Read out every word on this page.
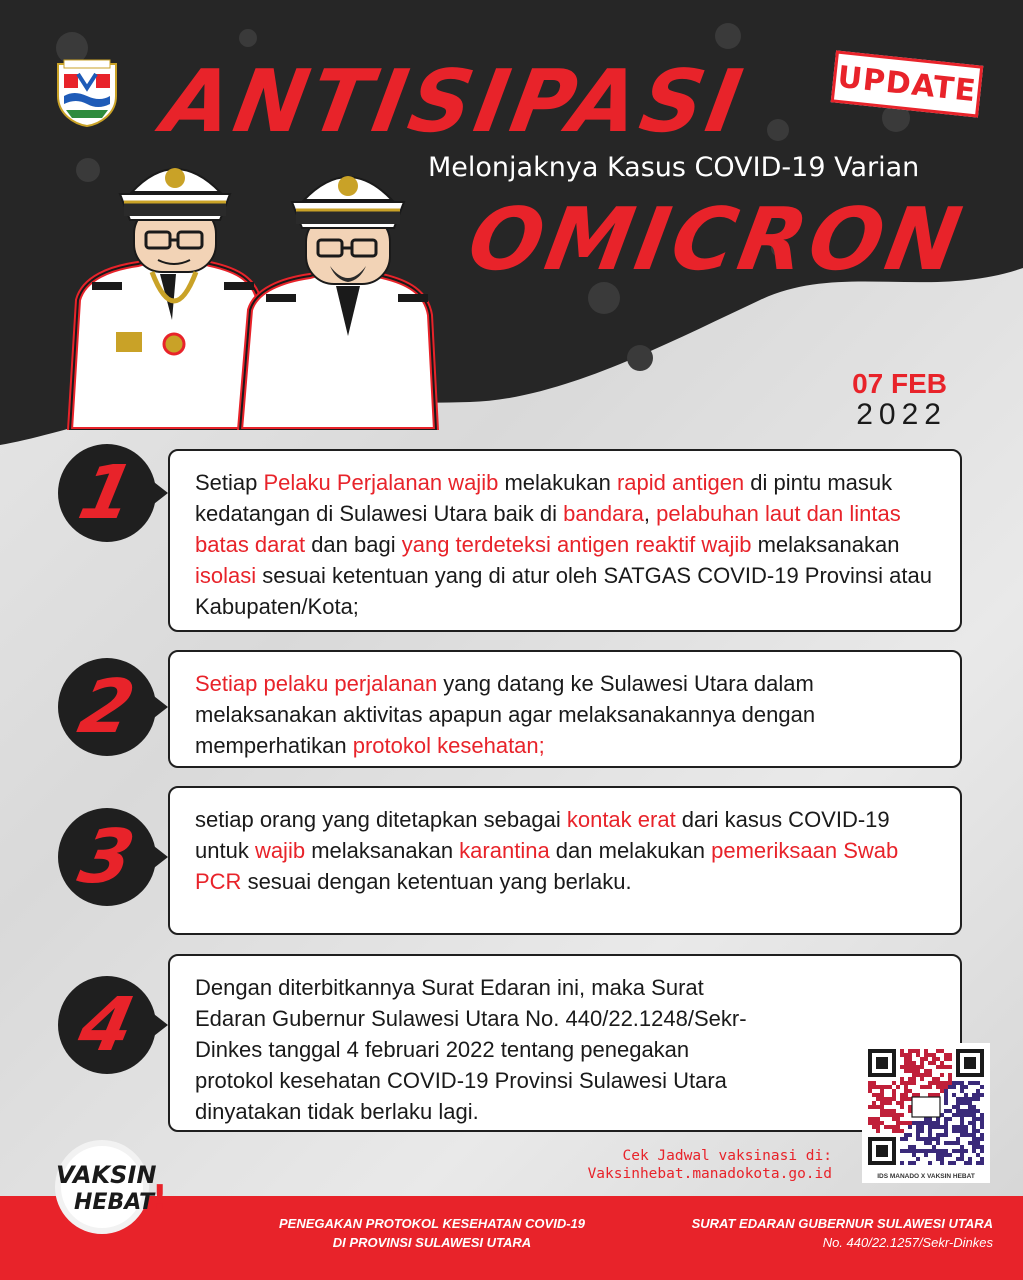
ANTISIPASI
Melonjaknya Kasus COVID-19 Varian
OMICRON
UPDATE
07 FEB
2022
1	Setiap Pelaku Perjalanan wajib melakukan rapid antigen di pintu masuk kedatangan di Sulawesi Utara baik di bandara, pelabuhan laut dan lintas batas darat dan bagi yang terdeteksi antigen reaktif wajib melaksanakan isolasi sesuai ketentuan yang di atur oleh SATGAS COVID-19 Provinsi atau Kabupaten/Kota;
2	Setiap pelaku perjalanan yang datang ke Sulawesi Utara dalam melaksanakan aktivitas apapun agar melaksanakannya dengan memperhatikan protokol kesehatan;
3	setiap orang yang ditetapkan sebagai kontak erat dari kasus COVID-19 untuk wajib melaksanakan karantina dan melakukan pemeriksaan Swab PCR sesuai dengan ketentuan yang berlaku.
4	Dengan diterbitkannya Surat Edaran ini, maka Surat Edaran Gubernur Sulawesi Utara No. 440/22.1248/Sekr-Dinkes tanggal 4 februari 2022 tentang penegakan protokol kesehatan COVID-19 Provinsi Sulawesi Utara dinyatakan tidak berlaku lagi.
IDS MANADO X VAKSIN HEBAT
Cek Jadwal vaksinasi di:
Vaksinhebat.manadokota.go.id
VAKSIN
HEBAT
!
PENEGAKAN PROTOKOL KESEHATAN COVID-19
DI PROVINSI SULAWESI UTARA
SURAT EDARAN GUBERNUR SULAWESI UTARA
No. 440/22.1257/Sekr-Dinkes
